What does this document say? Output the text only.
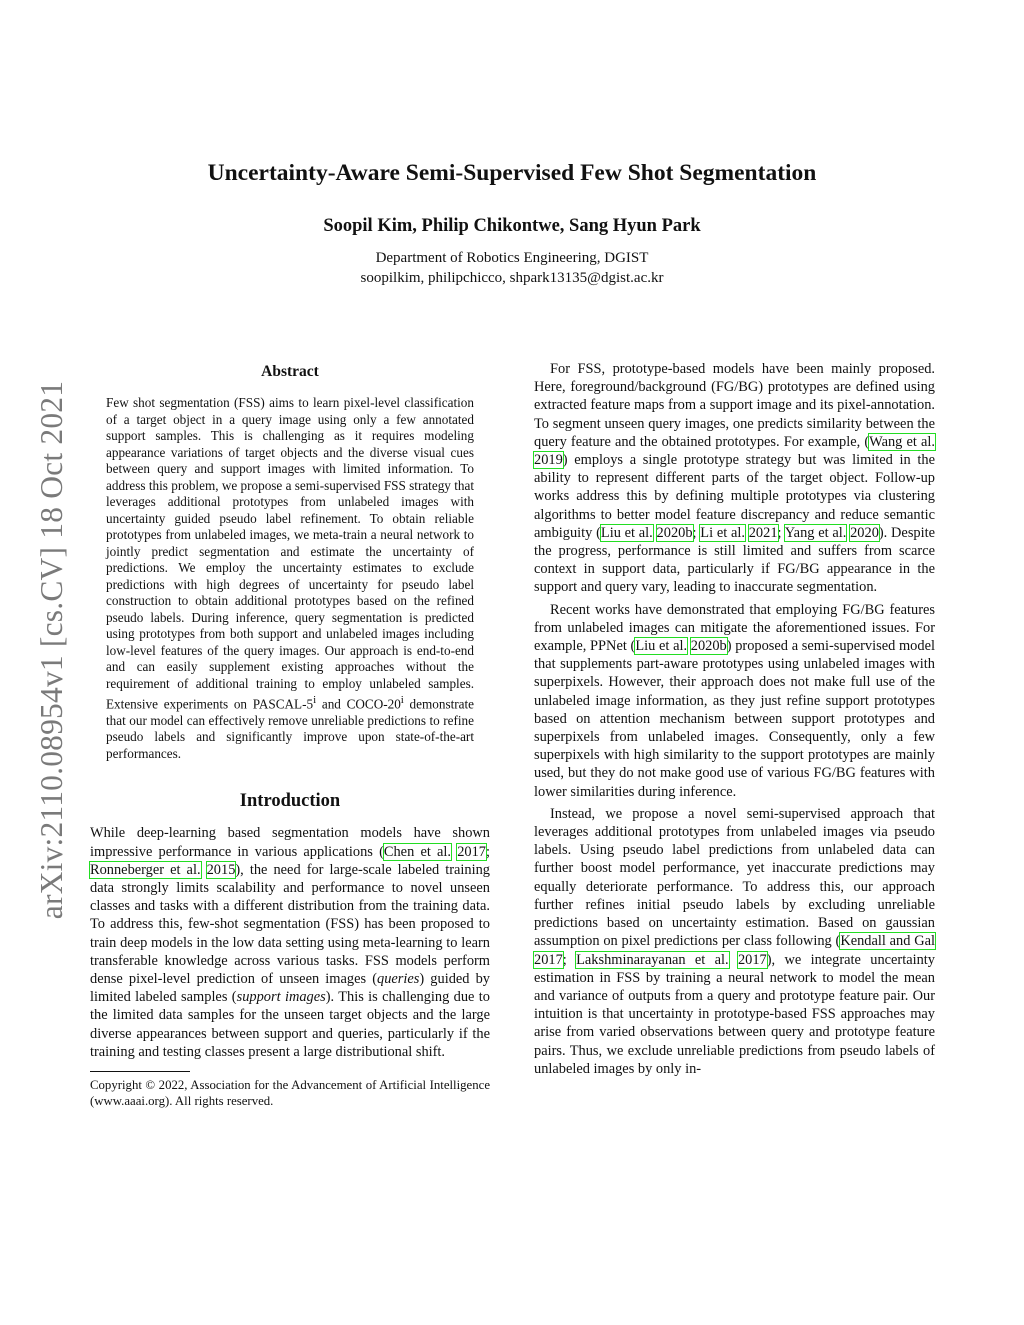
arXiv:2110.08954v1 [cs.CV] 18 Oct 2021
Uncertainty-Aware Semi-Supervised Few Shot Segmentation
Soopil Kim, Philip Chikontwe, Sang Hyun Park
Department of Robotics Engineering, DGIST
soopilkim, philipchicco, shpark13135@dgist.ac.kr
Abstract
Few shot segmentation (FSS) aims to learn pixel-level classification of a target object in a query image using only a few annotated support samples. This is challenging as it requires modeling appearance variations of target objects and the diverse visual cues between query and support images with limited information. To address this problem, we propose a semi-supervised FSS strategy that leverages additional prototypes from unlabeled images with uncertainty guided pseudo label refinement. To obtain reliable prototypes from unlabeled images, we meta-train a neural network to jointly predict segmentation and estimate the uncertainty of predictions. We employ the uncertainty estimates to exclude predictions with high degrees of uncertainty for pseudo label construction to obtain additional prototypes based on the refined pseudo labels. During inference, query segmentation is predicted using prototypes from both support and unlabeled images including low-level features of the query images. Our approach is end-to-end and can easily supplement existing approaches without the requirement of additional training to employ unlabeled samples. Extensive experiments on PASCAL-5$^i$ and COCO-20$^i$ demonstrate that our model can effectively remove unreliable predictions to refine pseudo labels and significantly improve upon state-of-the-art performances.
Introduction

While deep-learning based segmentation models have shown impressive performance in various applications (Chen et al. 2017; Ronneberger et al. 2015), the need for large-scale labeled training data strongly limits scalability and performance to novel unseen classes and tasks with a different distribution from the training data. To address this, few-shot segmentation (FSS) has been proposed to train deep models in the low data setting using meta-learning to learn transferable knowledge across various tasks. FSS models perform dense pixel-level prediction of unseen images (queries) guided by limited labeled samples (support images). This is challenging due to the limited data samples for the unseen target objects and the large diverse appearances between support and queries, particularly if the training and testing classes present a large distributional shift.

Copyright © 2022, Association for the Advancement of Artificial Intelligence (www.aaai.org). All rights reserved.

For FSS, prototype-based models have been mainly proposed. Here, foreground/background (FG/BG) prototypes are defined using extracted feature maps from a support image and its pixel-annotation. To segment unseen query images, one predicts similarity between the query feature and the obtained prototypes. For example, (Wang et al. 2019) employs a single prototype strategy but was limited in the ability to represent different parts of the target object. Follow-up works address this by defining multiple prototypes via clustering algorithms to better model feature discrepancy and reduce semantic ambiguity (Liu et al. 2020b; Li et al. 2021; Yang et al. 2020). Despite the progress, performance is still limited and suffers from scarce context in support data, particularly if FG/BG appearance in the support and query vary, leading to inaccurate segmentation.

Recent works have demonstrated that employing FG/BG features from unlabeled images can mitigate the aforementioned issues. For example, PPNet (Liu et al. 2020b) proposed a semi-supervised model that supplements part-aware prototypes using unlabeled images with superpixels. However, their approach does not make full use of the unlabeled image information, as they just refine support prototypes based on attention mechanism between support prototypes and superpixels from unlabeled images. Consequently, only a few superpixels with high similarity to the support prototypes are mainly used, but they do not make good use of various FG/BG features with lower similarities during inference.

Instead, we propose a novel semi-supervised approach that leverages additional prototypes from unlabeled images via pseudo labels. Using pseudo label predictions from unlabeled data can further boost model performance, yet inaccurate predictions may equally deteriorate performance. To address this, our approach further refines initial pseudo labels by excluding unreliable predictions based on uncertainty estimation. Based on gaussian assumption on pixel predictions per class following (Kendall and Gal 2017; Lakshminarayanan et al. 2017), we integrate uncertainty estimation in FSS by training a neural network to model the mean and variance of outputs from a query and prototype feature pair. Our intuition is that uncertainty in prototype-based FSS approaches may arise from varied observations between query and prototype feature pairs. Thus, we exclude unreliable predictions from pseudo labels of unlabeled images by only in-
